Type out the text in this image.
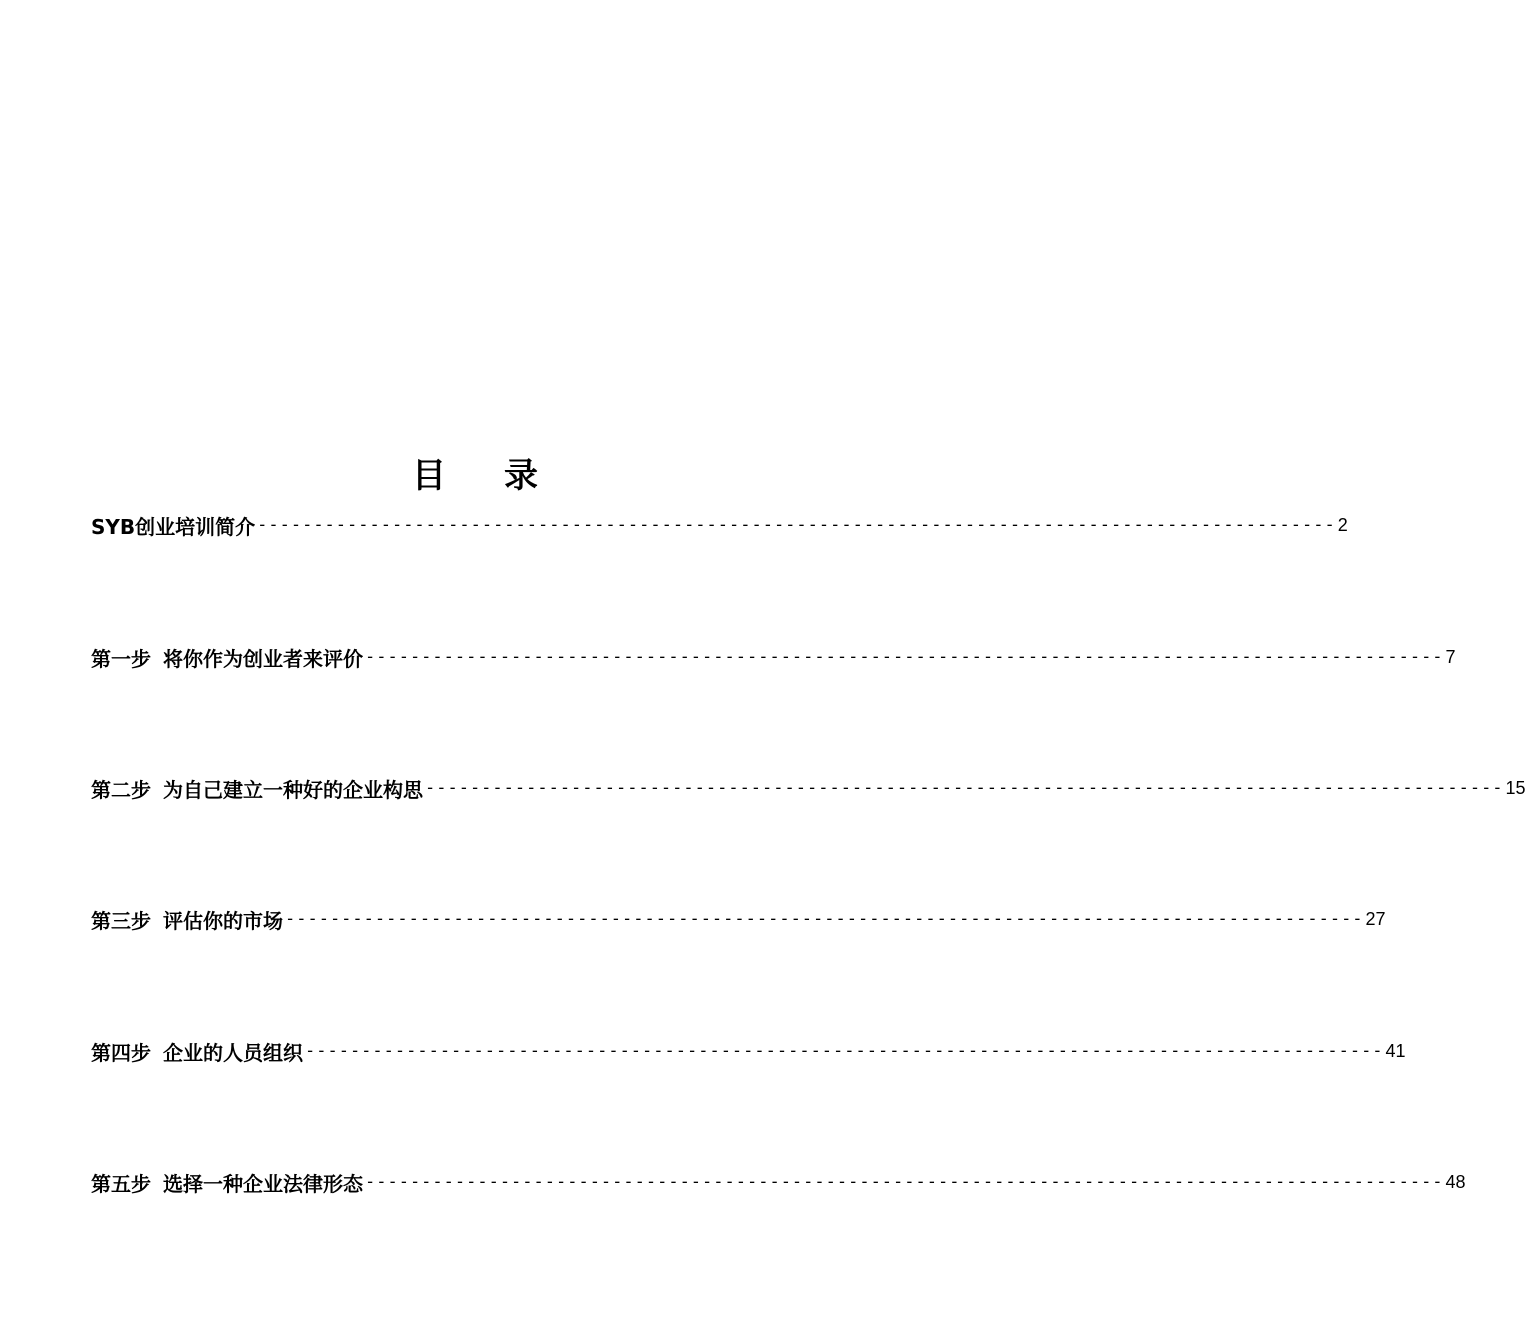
目 录
SYB创业培训简介 ------------------------------------------------------------------------------------------------ 2
第一步 将你作为创业者来评价 ------------------------------------------------------------------------------------------------ 7
第二步 为自己建立一种好的企业构思 ------------------------------------------------------------------------------------------------ 15
第三步 评估你的市场 ------------------------------------------------------------------------------------------------ 27
第四步 企业的人员组织 ------------------------------------------------------------------------------------------------ 41
第五步 选择一种企业法律形态 ------------------------------------------------------------------------------------------------ 48
